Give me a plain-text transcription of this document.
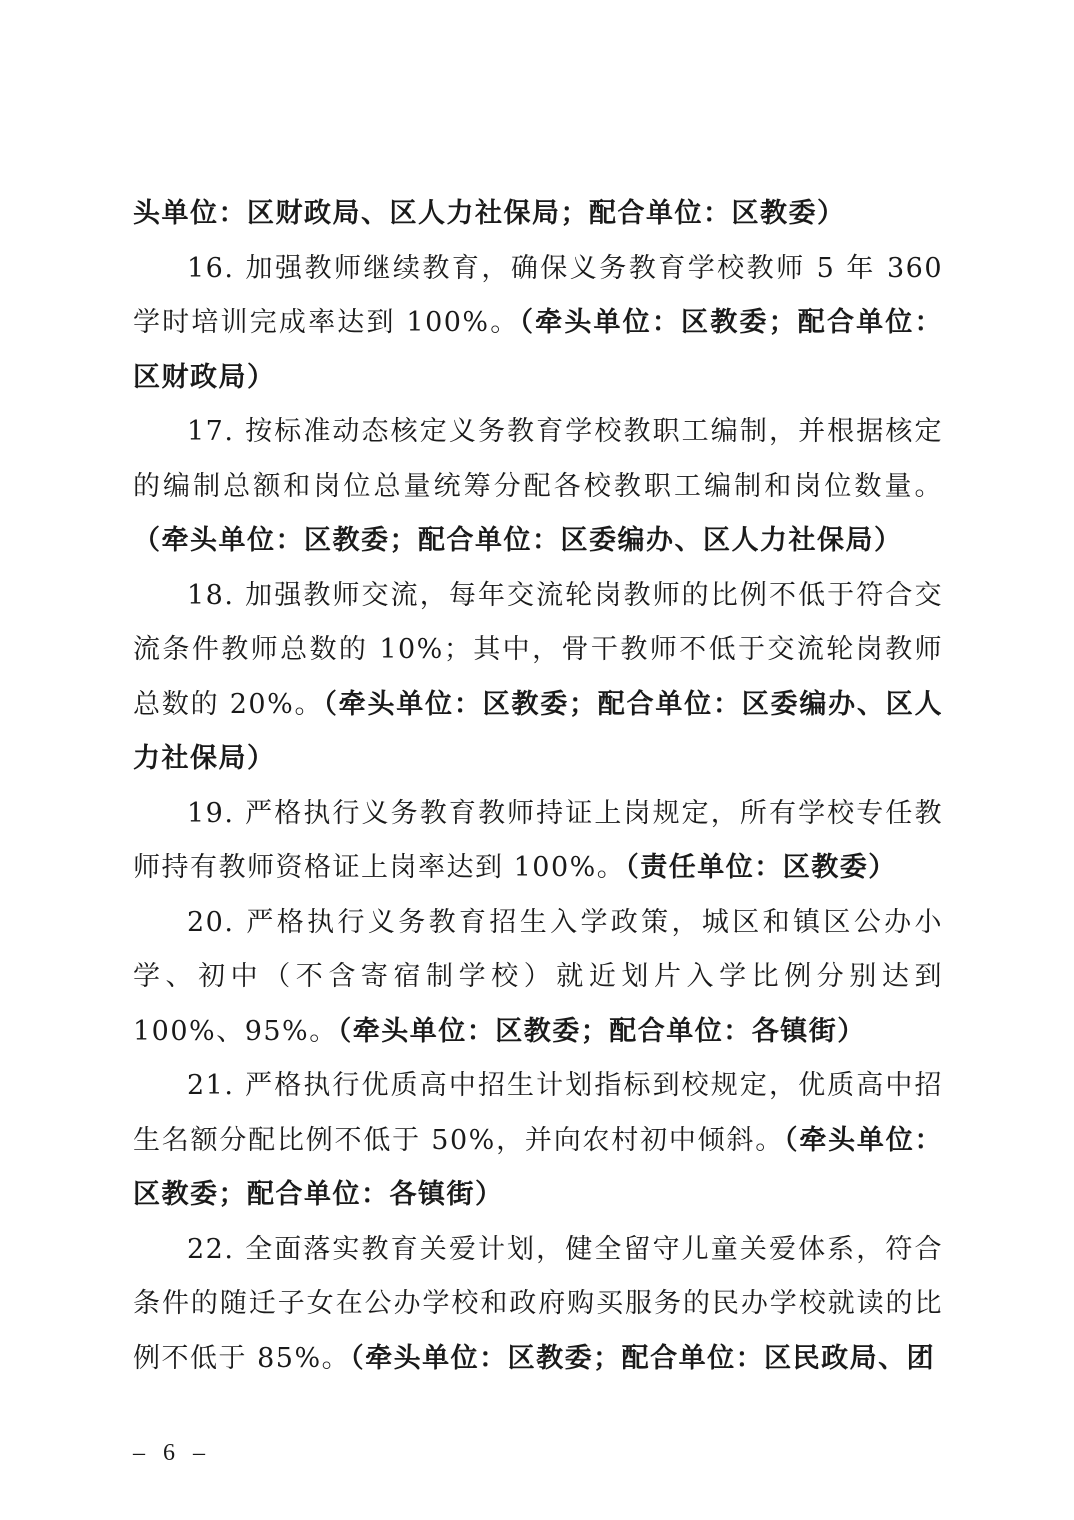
头单位：区财政局、区人力社保局；配合单位：区教委）

16. 加强教师继续教育，确保义务教育学校教师 5 年 360 学时培训完成率达到 100%。（牵头单位：区教委；配合单位：区财政局）

17. 按标准动态核定义务教育学校教职工编制，并根据核定的编制总额和岗位总量统筹分配各校教职工编制和岗位数量。（牵头单位：区教委；配合单位：区委编办、区人力社保局）

18. 加强教师交流，每年交流轮岗教师的比例不低于符合交流条件教师总数的 10%；其中，骨干教师不低于交流轮岗教师总数的 20%。（牵头单位：区教委；配合单位：区委编办、区人力社保局）

19. 严格执行义务教育教师持证上岗规定，所有学校专任教师持有教师资格证上岗率达到 100%。（责任单位：区教委）

20. 严格执行义务教育招生入学政策，城区和镇区公办小学、初中（不含寄宿制学校）就近划片入学比例分别达到 100%、95%。（牵头单位：区教委；配合单位：各镇街）

21. 严格执行优质高中招生计划指标到校规定，优质高中招生名额分配比例不低于 50%，并向农村初中倾斜。（牵头单位：区教委；配合单位：各镇街）

22. 全面落实教育关爱计划，健全留守儿童关爱体系，符合条件的随迁子女在公办学校和政府购买服务的民办学校就读的比例不低于 85%。（牵头单位：区教委；配合单位：区民政局、团

– 6 –
